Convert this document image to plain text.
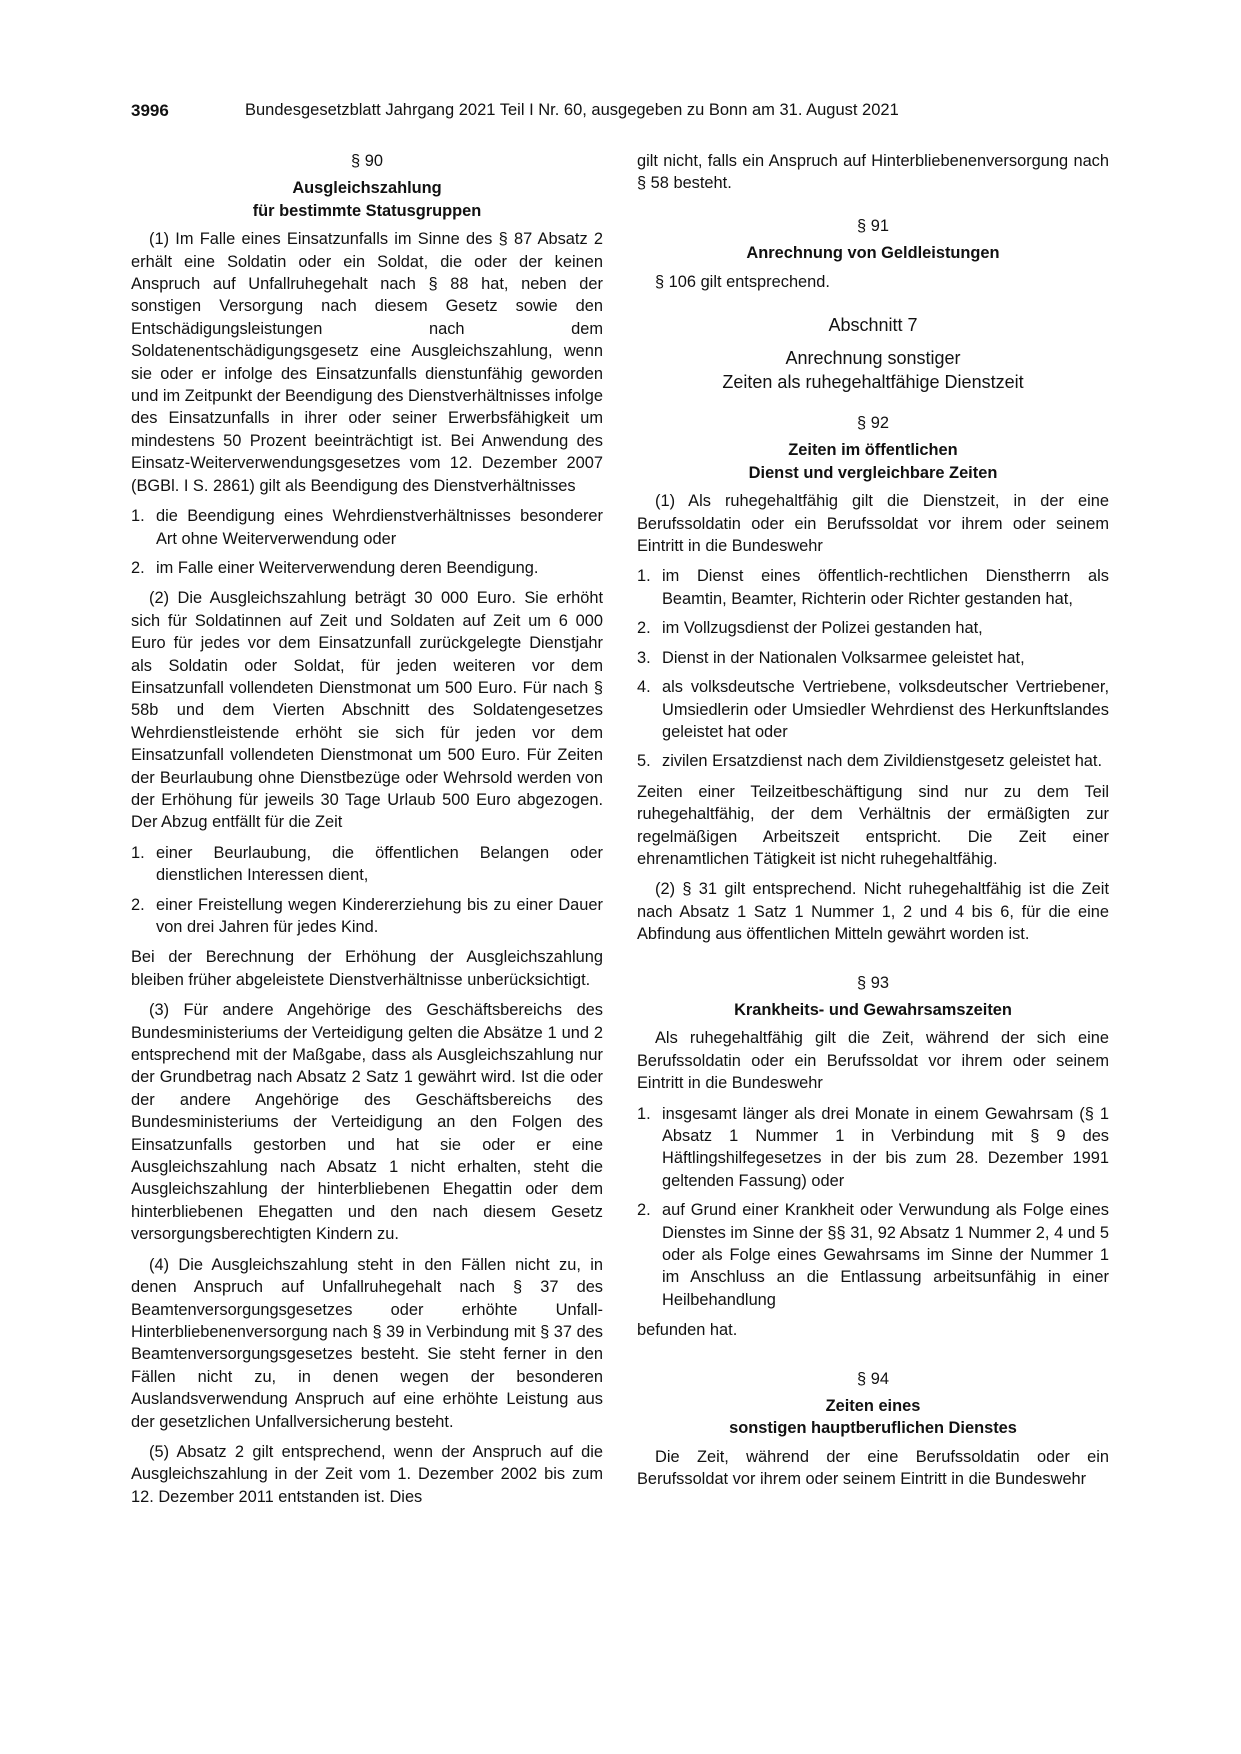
3996	Bundesgesetzblatt Jahrgang 2021 Teil I Nr. 60, ausgegeben zu Bonn am 31. August 2021
§ 90
Ausgleichszahlung
für bestimmte Statusgruppen

(1) Im Falle eines Einsatzunfalls im Sinne des § 87 Absatz 2 erhält eine Soldatin oder ein Soldat, die oder der keinen Anspruch auf Unfallruhegehalt nach § 88 hat, neben der sonstigen Versorgung nach diesem Gesetz sowie den Entschädigungsleistungen nach dem Soldatenentschädigungsgesetz eine Ausgleichszahlung, wenn sie oder er infolge des Einsatzunfalls dienstunfähig geworden und im Zeitpunkt der Beendigung des Dienstverhältnisses infolge des Einsatzunfalls in ihrer oder seiner Erwerbsfähigkeit um mindestens 50 Prozent beeinträchtigt ist. Bei Anwendung des Einsatz-Weiterverwendungsgesetzes vom 12. Dezember 2007 (BGBl. I S. 2861) gilt als Beendigung des Dienstverhältnisses

1. die Beendigung eines Wehrdienstverhältnisses besonderer Art ohne Weiterverwendung oder
2. im Falle einer Weiterverwendung deren Beendigung.

(2) Die Ausgleichszahlung beträgt 30 000 Euro. Sie erhöht sich für Soldatinnen auf Zeit und Soldaten auf Zeit um 6 000 Euro für jedes vor dem Einsatzunfall zurückgelegte Dienstjahr als Soldatin oder Soldat, für jeden weiteren vor dem Einsatzunfall vollendeten Dienstmonat um 500 Euro. Für nach § 58b und dem Vierten Abschnitt des Soldatengesetzes Wehrdienstleistende erhöht sie sich für jeden vor dem Einsatzunfall vollendeten Dienstmonat um 500 Euro. Für Zeiten der Beurlaubung ohne Dienstbezüge oder Wehrsold werden von der Erhöhung für jeweils 30 Tage Urlaub 500 Euro abgezogen. Der Abzug entfällt für die Zeit

1. einer Beurlaubung, die öffentlichen Belangen oder dienstlichen Interessen dient,
2. einer Freistellung wegen Kindererziehung bis zu einer Dauer von drei Jahren für jedes Kind.

Bei der Berechnung der Erhöhung der Ausgleichszahlung bleiben früher abgeleistete Dienstverhältnisse unberücksichtigt.

(3) Für andere Angehörige des Geschäftsbereichs des Bundesministeriums der Verteidigung gelten die Absätze 1 und 2 entsprechend mit der Maßgabe, dass als Ausgleichszahlung nur der Grundbetrag nach Absatz 2 Satz 1 gewährt wird. Ist die oder der andere Angehörige des Geschäftsbereichs des Bundesministeriums der Verteidigung an den Folgen des Einsatzunfalls gestorben und hat sie oder er eine Ausgleichszahlung nach Absatz 1 nicht erhalten, steht die Ausgleichszahlung der hinterbliebenen Ehegattin oder dem hinterbliebenen Ehegatten und den nach diesem Gesetz versorgungsberechtigten Kindern zu.

(4) Die Ausgleichszahlung steht in den Fällen nicht zu, in denen Anspruch auf Unfallruhegehalt nach § 37 des Beamtenversorgungsgesetzes oder erhöhte Unfall-Hinterbliebenenversorgung nach § 39 in Verbindung mit § 37 des Beamtenversorgungsgesetzes besteht. Sie steht ferner in den Fällen nicht zu, in denen wegen der besonderen Auslandsverwendung Anspruch auf eine erhöhte Leistung aus der gesetzlichen Unfallversicherung besteht.

(5) Absatz 2 gilt entsprechend, wenn der Anspruch auf die Ausgleichszahlung in der Zeit vom 1. Dezember 2002 bis zum 12. Dezember 2011 entstanden ist. Dies

gilt nicht, falls ein Anspruch auf Hinterbliebenenversorgung nach § 58 besteht.

§ 91
Anrechnung von Geldleistungen

§ 106 gilt entsprechend.

Abschnitt 7
Anrechnung sonstiger
Zeiten als ruhegehaltfähige Dienstzeit
§ 92
Zeiten im öffentlichen
Dienst und vergleichbare Zeiten

(1) Als ruhegehaltfähig gilt die Dienstzeit, in der eine Berufssoldatin oder ein Berufssoldat vor ihrem oder seinem Eintritt in die Bundeswehr

1. im Dienst eines öffentlich-rechtlichen Dienstherrn als Beamtin, Beamter, Richterin oder Richter gestanden hat,
2. im Vollzugsdienst der Polizei gestanden hat,
3. Dienst in der Nationalen Volksarmee geleistet hat,
4. als volksdeutsche Vertriebene, volksdeutscher Vertriebener, Umsiedlerin oder Umsiedler Wehrdienst des Herkunftslandes geleistet hat oder
5. zivilen Ersatzdienst nach dem Zivildienstgesetz geleistet hat.

Zeiten einer Teilzeitbeschäftigung sind nur zu dem Teil ruhegehaltfähig, der dem Verhältnis der ermäßigten zur regelmäßigen Arbeitszeit entspricht. Die Zeit einer ehrenamtlichen Tätigkeit ist nicht ruhegehaltfähig.

(2) § 31 gilt entsprechend. Nicht ruhegehaltfähig ist die Zeit nach Absatz 1 Satz 1 Nummer 1, 2 und 4 bis 6, für die eine Abfindung aus öffentlichen Mitteln gewährt worden ist.

§ 93
Krankheits- und Gewahrsamszeiten

Als ruhegehaltfähig gilt die Zeit, während der sich eine Berufssoldatin oder ein Berufssoldat vor ihrem oder seinem Eintritt in die Bundeswehr

1. insgesamt länger als drei Monate in einem Gewahrsam (§ 1 Absatz 1 Nummer 1 in Verbindung mit § 9 des Häftlingshilfegesetzes in der bis zum 28. Dezember 1991 geltenden Fassung) oder
2. auf Grund einer Krankheit oder Verwundung als Folge eines Dienstes im Sinne der §§ 31, 92 Absatz 1 Nummer 2, 4 und 5 oder als Folge eines Gewahrsams im Sinne der Nummer 1 im Anschluss an die Entlassung arbeitsunfähig in einer Heilbehandlung

befunden hat.

§ 94
Zeiten eines
sonstigen hauptberuflichen Dienstes

Die Zeit, während der eine Berufssoldatin oder ein Berufssoldat vor ihrem oder seinem Eintritt in die Bundeswehr
